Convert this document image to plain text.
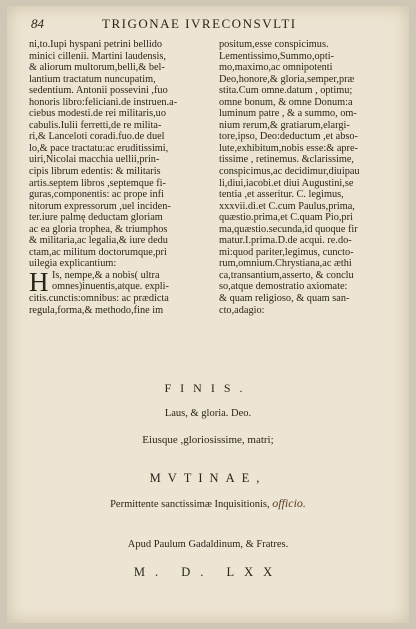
84	TRIGONAE IVRECONSVLTI
ni,to.Iupi hyspani petrini bellido
minici cillenii. Martini laudensis,
& aliorum multorum,belli,& bel-
lantium tractatum nuncupatim,
sedentium. Antonii possevini ,fuo
honoris libro:feliciani.de instruen.a-
ciebus modesti.de rei militaris,uo
cabulis.Iulii ferretti,de re milita-
ri,& Lanceloti coradi.fuo.de duel
lo,& pace tractatu:ac eruditissimi,
uiri,Nicolai macchia uellii,prin-
cipis librum edentis: & militaris
artis.septem libros ,septemque fi-
guras,componentis: ac prope infi
nitorum expressorum ,uel inciden-
ter.iure palmę deductam gloriam
ac ea gloria trophea, & triumphos
& militaria,ac legalia,& iure dedu
ctam,ac militum doctorumque,pri
uilegia explicantium:
H Is, nempe,& a nobis( ultra
omnes)inuentis,atque. expli-
citis.cunctis:omnibus: ac prædicta
regula,forma,& methodo,fine im
positum,esse conspicimus.
Lementissimo,Summo,opti-
mo,maximo,ac omnipotenti
Deo,honore,& gloria,semper,præ
stita.Cum omne.datum , optimu;
omne bonum, & omne Donum:a
luminum patre , & a summo, om-
nium rerum,& gratiarum,elargi-
tore,ipso, Deo:deductum ,et abso-
lute,exhibitum,nobis esse:& apre-
tissime , retinemus. &clarissime,
conspicimus,ac decidimur,diuipau
li,diui,iacobi.et diui Augustini,se
tentia ,et asseritur. C. legimus,
xxxvii.di.et C.cum Paulus,prima,
quæstio.prima,et C.quam Pio,pri
ma,quæstio.secunda,id quoque fir
matur.I.prima.D.de acqui. re.do-
mi:quod pariter,legimus, cuncto-
rum,omnium.Chrystiana,ac æthi
ca,transantium,asserto, & conclu
so,atque demostratio axiomate:
& quam religioso, & quam san-
cto,adagio:
FINIS.
Laus, & gloria. Deo.
Eiusque ,gloriosissime, matri;
MVTINAE,
Permittente sanctissimæ Inquisitionis, officio.
Apud Paulum Gadaldinum, & Fratres.
M. D. LXX
